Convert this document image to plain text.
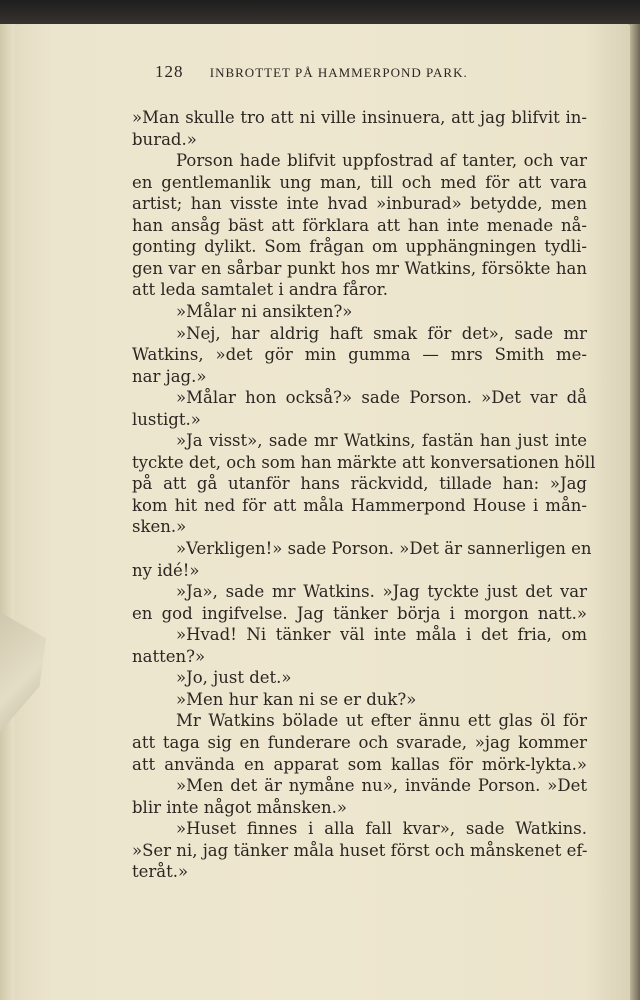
128 INBROTTET PÅ HAMMERPOND PARK.
»Man skulle tro att ni ville insinuera, att jag blifvit in-
burad.»
Porson hade blifvit uppfostrad af tanter, och var
en gentlemanlik ung man, till och med för att vara
artist; han visste inte hvad »inburad» betydde, men
han ansåg bäst att förklara att han inte menade nå-
gonting dylikt. Som frågan om upphängningen tydli-
gen var en sårbar punkt hos mr Watkins, försökte han
att leda samtalet i andra fåror.
»Målar ni ansikten?»
»Nej, har aldrig haft smak för det», sade mr
Watkins, »det gör min gumma — mrs Smith me-
nar jag.»
»Målar hon också?» sade Porson. »Det var då
lustigt.»
»Ja visst», sade mr Watkins, fastän han just inte
tyckte det, och som han märkte att konversationen höll
på att gå utanför hans räckvidd, tillade han: »Jag
kom hit ned för att måla Hammerpond House i mån-
sken.»
»Verkligen!» sade Porson. »Det är sannerligen en
ny idé!»
»Ja», sade mr Watkins. »Jag tyckte just det var
en god ingifvelse. Jag tänker börja i morgon natt.»
»Hvad! Ni tänker väl inte måla i det fria, om
natten?»
»Jo, just det.»
»Men hur kan ni se er duk?»
Mr Watkins bölade ut efter ännu ett glas öl för
att taga sig en funderare och svarade, »jag kommer
att använda en apparat som kallas för mörk-lykta.»
»Men det är nymåne nu», invände Porson. »Det
blir inte något månsken.»
»Huset finnes i alla fall kvar», sade Watkins.
»Ser ni, jag tänker måla huset först och månskenet ef-
teråt.»
